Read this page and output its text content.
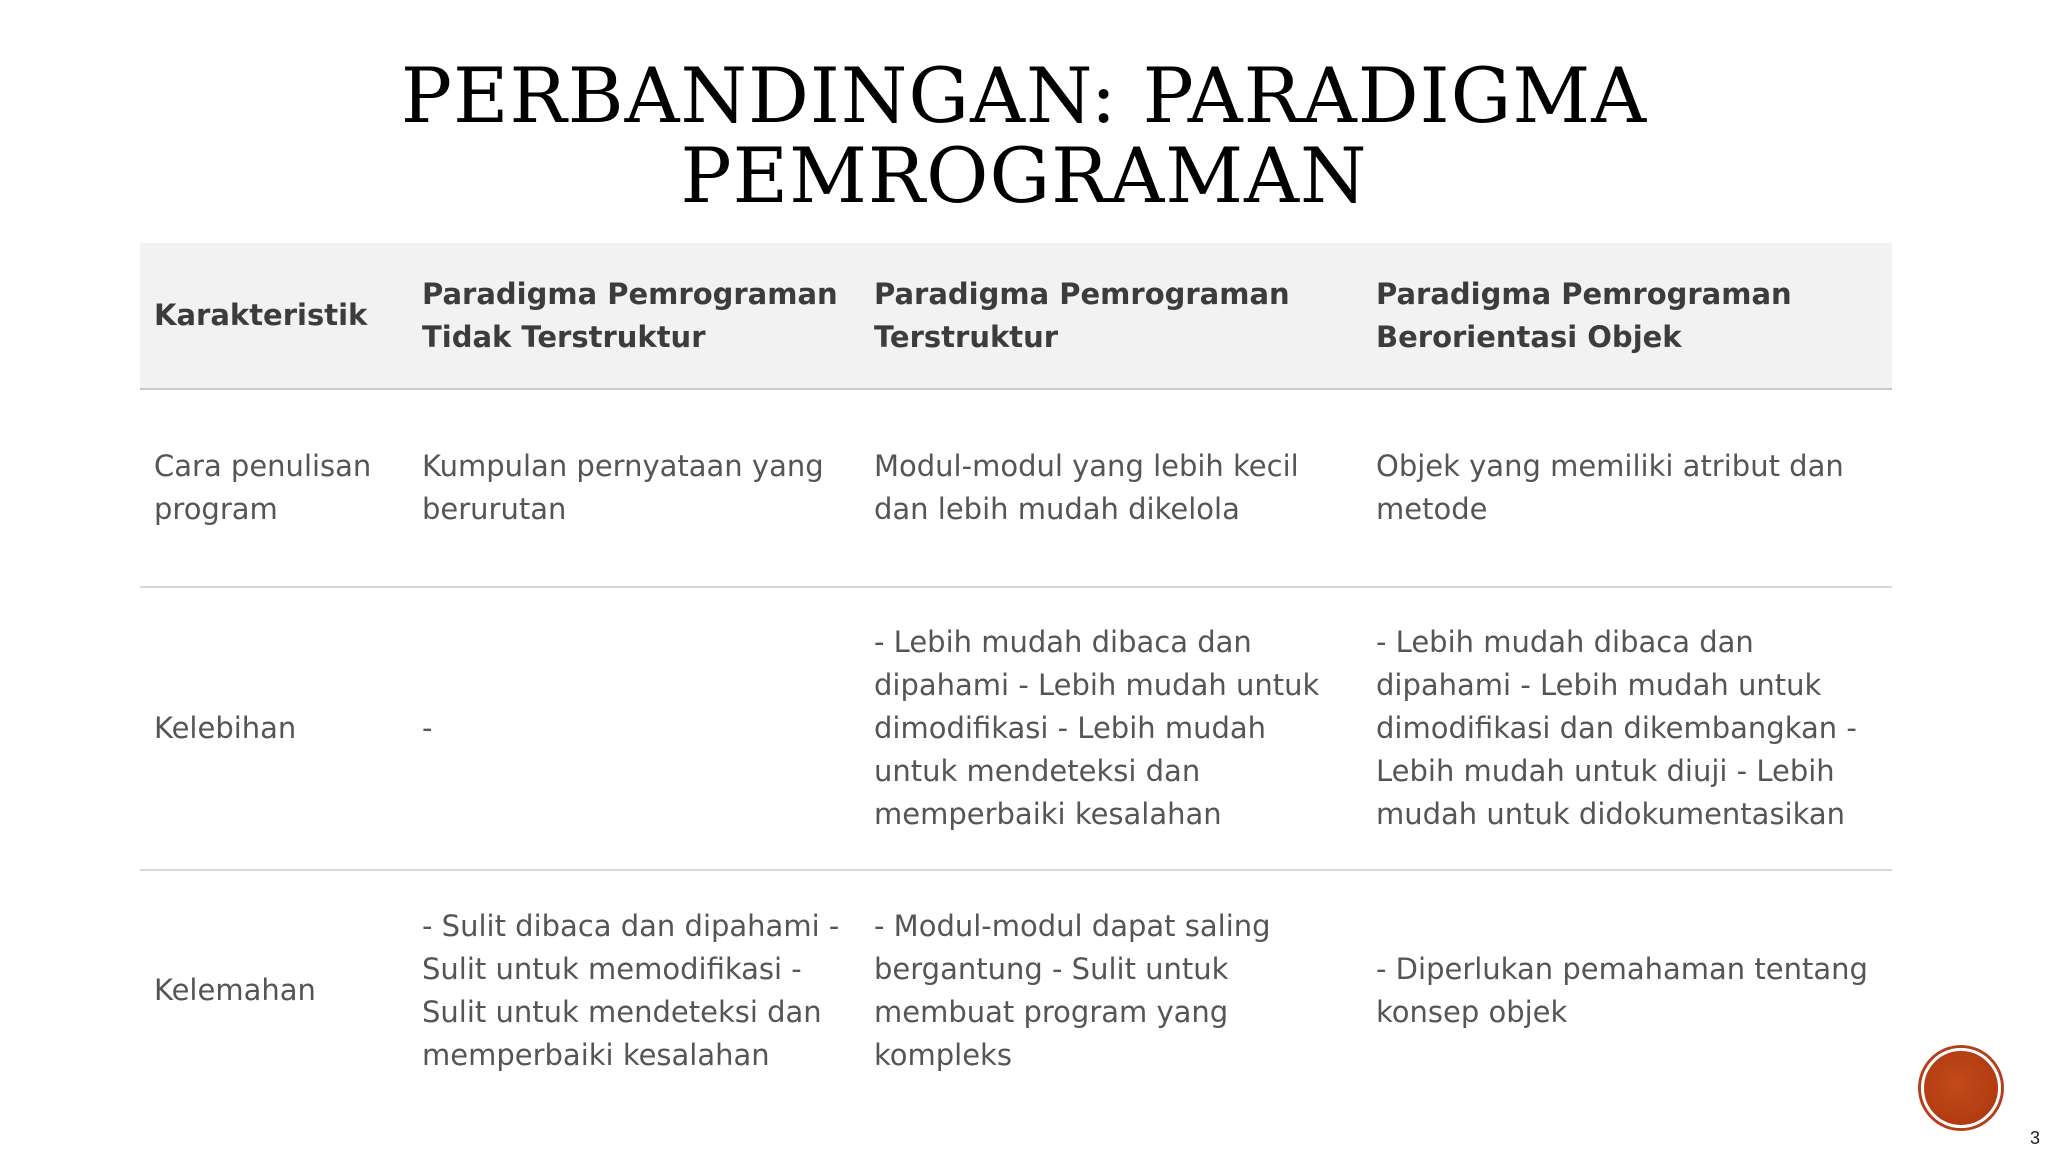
PERBANDINGAN: PARADIGMA
PEMROGRAMAN
Karakteristik	Paradigma Pemrograman Tidak Terstruktur	Paradigma Pemrograman Terstruktur	Paradigma Pemrograman Berorientasi Objek
Cara penulisan program	Kumpulan pernyataan yang berurutan	Modul-modul yang lebih kecil dan lebih mudah dikelola	Objek yang memiliki atribut dan metode
Kelebihan	-	- Lebih mudah dibaca dan dipahami - Lebih mudah untuk dimodifikasi - Lebih mudah untuk mendeteksi dan memperbaiki kesalahan	- Lebih mudah dibaca dan dipahami - Lebih mudah untuk dimodifikasi dan dikembangkan - Lebih mudah untuk diuji - Lebih mudah untuk didokumentasikan
Kelemahan	- Sulit dibaca dan dipahami - Sulit untuk memodifikasi - Sulit untuk mendeteksi dan memperbaiki kesalahan	- Modul-modul dapat saling bergantung - Sulit untuk membuat program yang kompleks	- Diperlukan pemahaman tentang konsep objek
3
